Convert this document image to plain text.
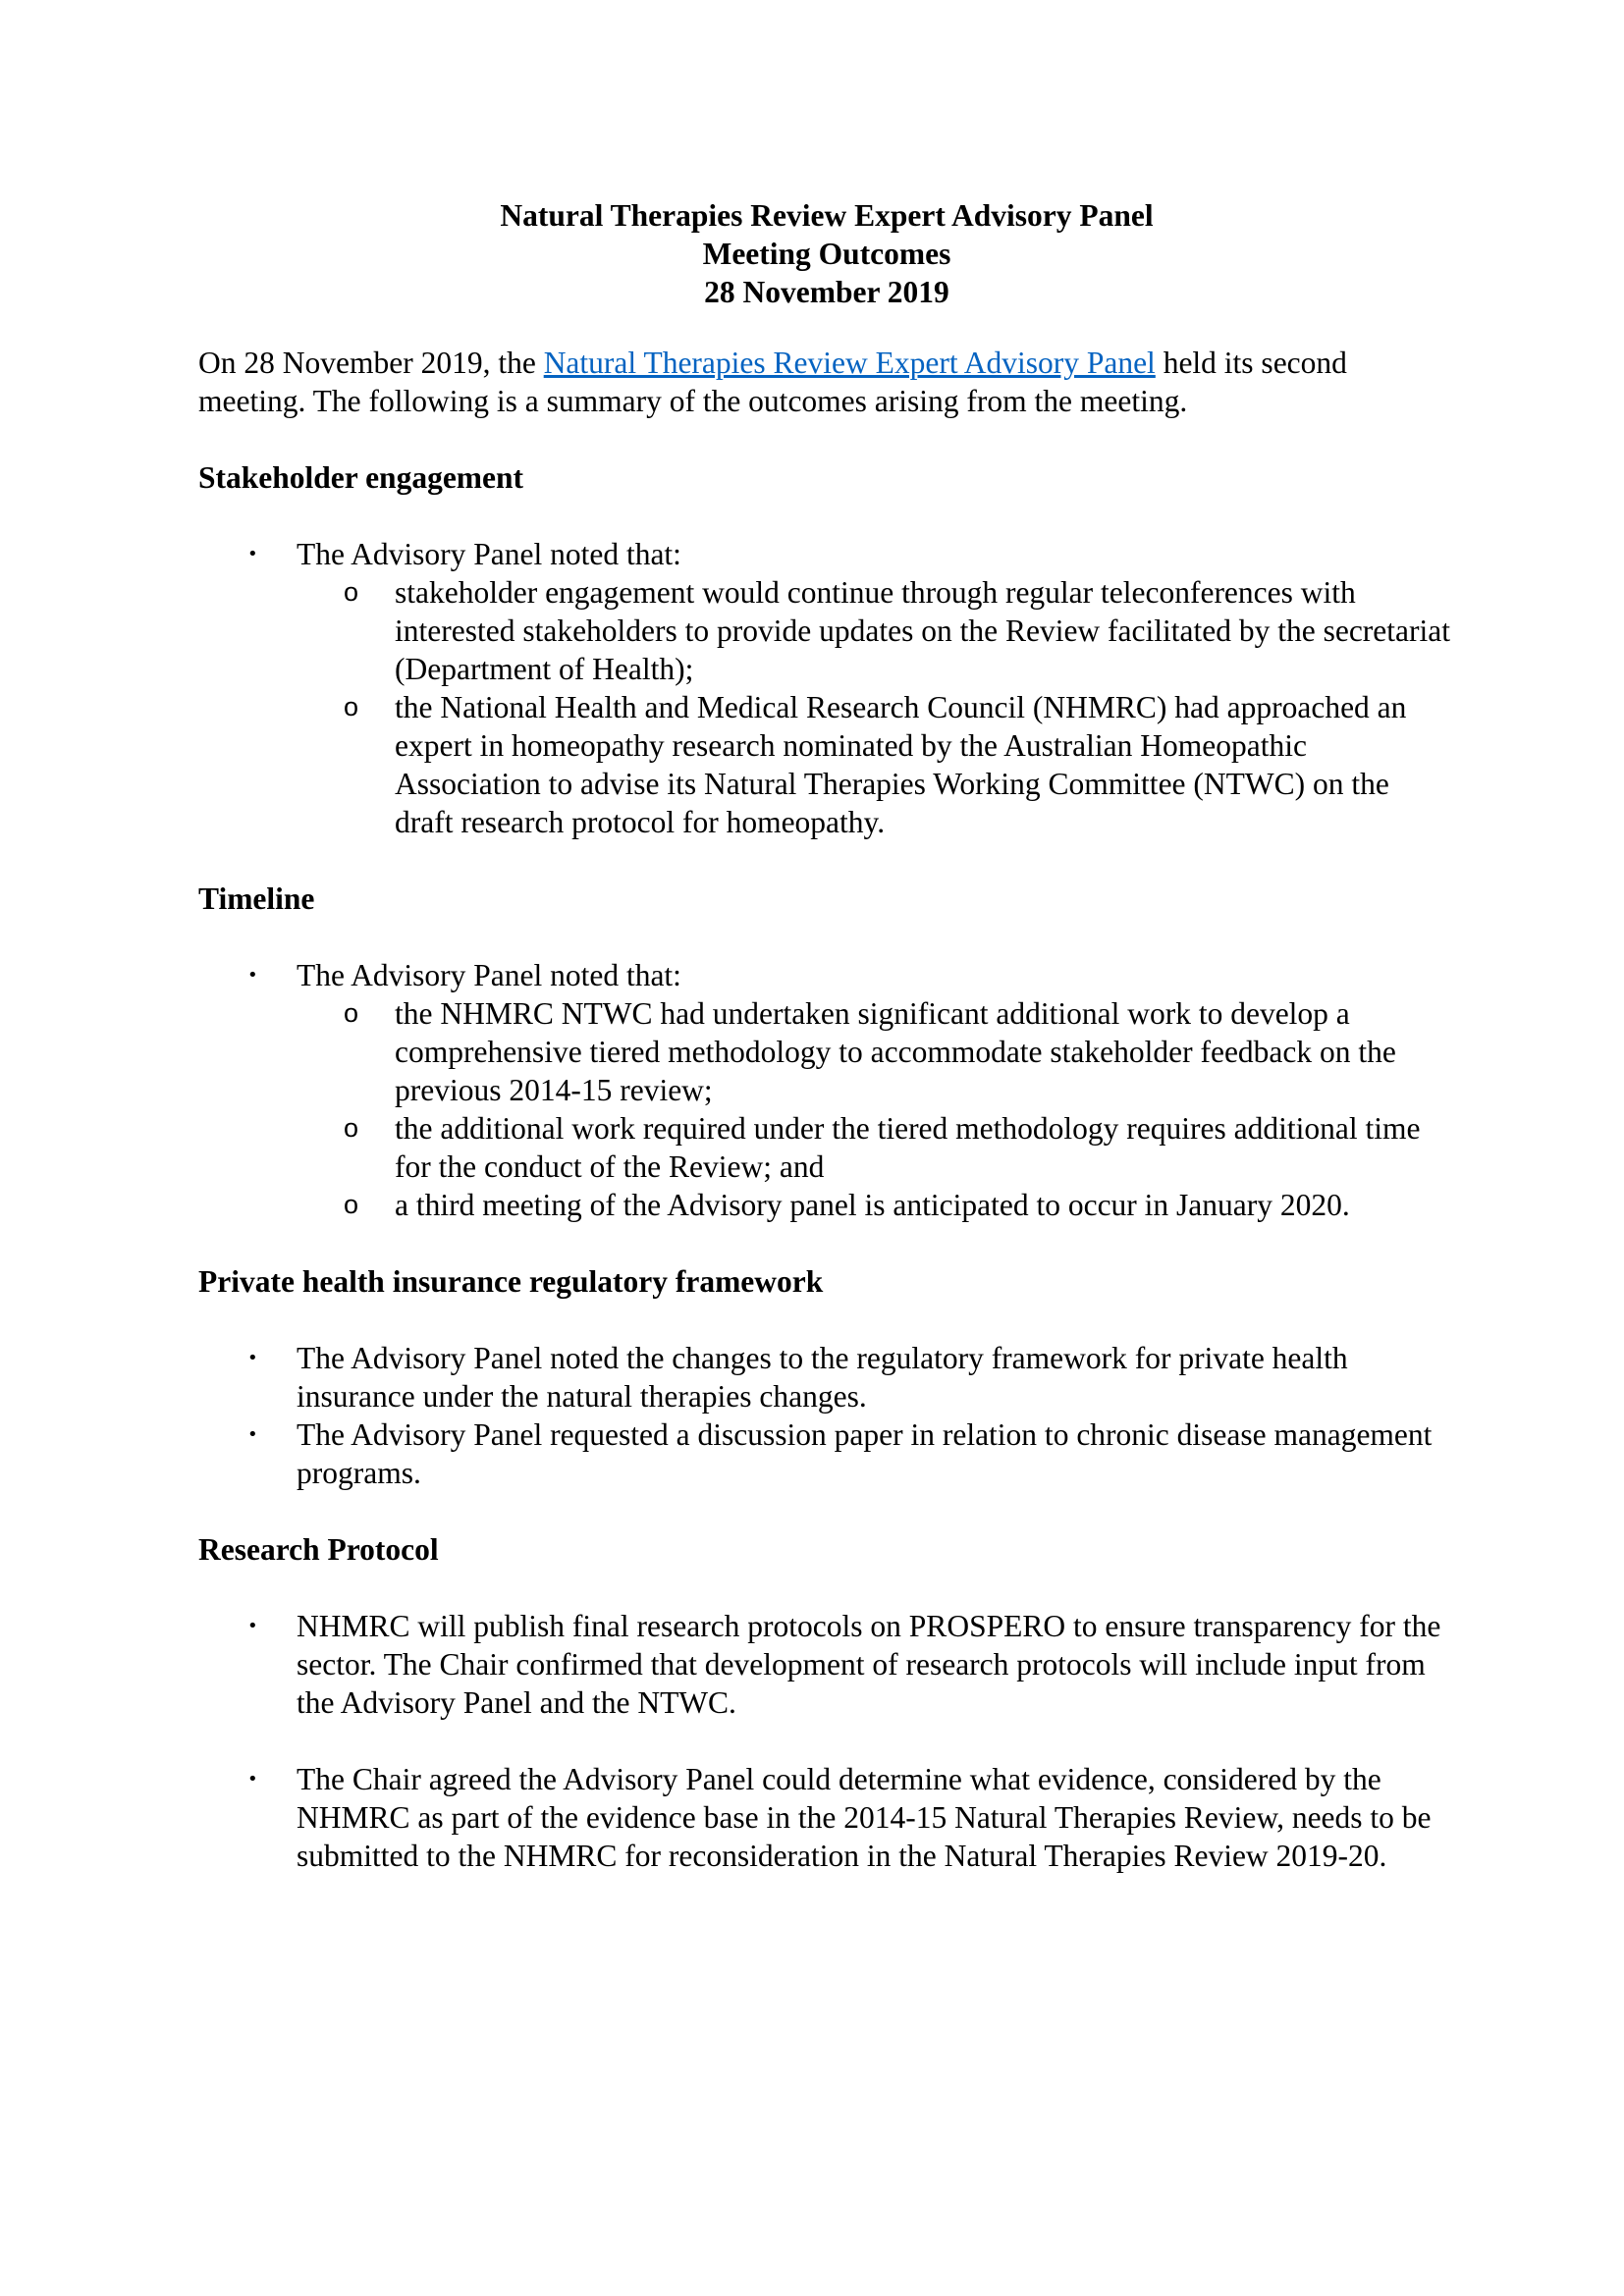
Natural Therapies Review Expert Advisory Panel
Meeting Outcomes
28 November 2019

On 28 November 2019, the Natural Therapies Review Expert Advisory Panel held its second meeting. The following is a summary of the outcomes arising from the meeting.

Stakeholder engagement
• The Advisory Panel noted that:
o stakeholder engagement would continue through regular teleconferences with interested stakeholders to provide updates on the Review facilitated by the secretariat (Department of Health);
o the National Health and Medical Research Council (NHMRC) had approached an expert in homeopathy research nominated by the Australian Homeopathic Association to advise its Natural Therapies Working Committee (NTWC) on the draft research protocol for homeopathy.
Timeline
• The Advisory Panel noted that:
o the NHMRC NTWC had undertaken significant additional work to develop a comprehensive tiered methodology to accommodate stakeholder feedback on the previous 2014-15 review;
o the additional work required under the tiered methodology requires additional time for the conduct of the Review; and
o a third meeting of the Advisory panel is anticipated to occur in January 2020.
Private health insurance regulatory framework
• The Advisory Panel noted the changes to the regulatory framework for private health insurance under the natural therapies changes.
• The Advisory Panel requested a discussion paper in relation to chronic disease management programs.
Research Protocol
• NHMRC will publish final research protocols on PROSPERO to ensure transparency for the sector. The Chair confirmed that development of research protocols will include input from the Advisory Panel and the NTWC.
• The Chair agreed the Advisory Panel could determine what evidence, considered by the NHMRC as part of the evidence base in the 2014-15 Natural Therapies Review, needs to be submitted to the NHMRC for reconsideration in the Natural Therapies Review 2019-20.
